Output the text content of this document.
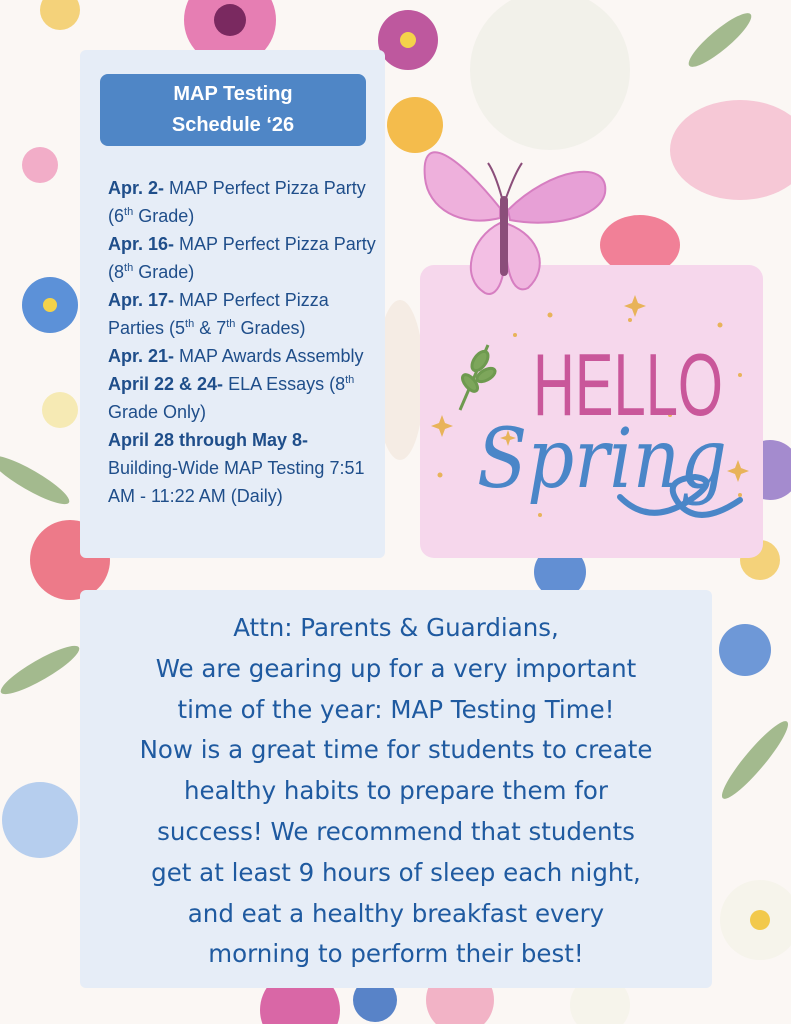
MAP Testing
Schedule ‘26
Apr. 2- MAP Perfect Pizza Party (6th Grade)
Apr. 16- MAP Perfect Pizza Party (8th Grade)
Apr. 17- MAP Perfect Pizza Parties (5th & 7th Grades)
Apr. 21- MAP Awards Assembly
April 22 & 24- ELA Essays (8th Grade Only)
April 28 through May 8- Building-Wide MAP Testing 7:51 AM - 11:22 AM (Daily)
HELLO
Spring
Attn: Parents & Guardians,
We are gearing up for a very important
time of the year: MAP Testing Time!
Now is a great time for students to create
healthy habits to prepare them for
success! We recommend that students
get at least 9 hours of sleep each night,
and eat a healthy breakfast every
morning to perform their best!
